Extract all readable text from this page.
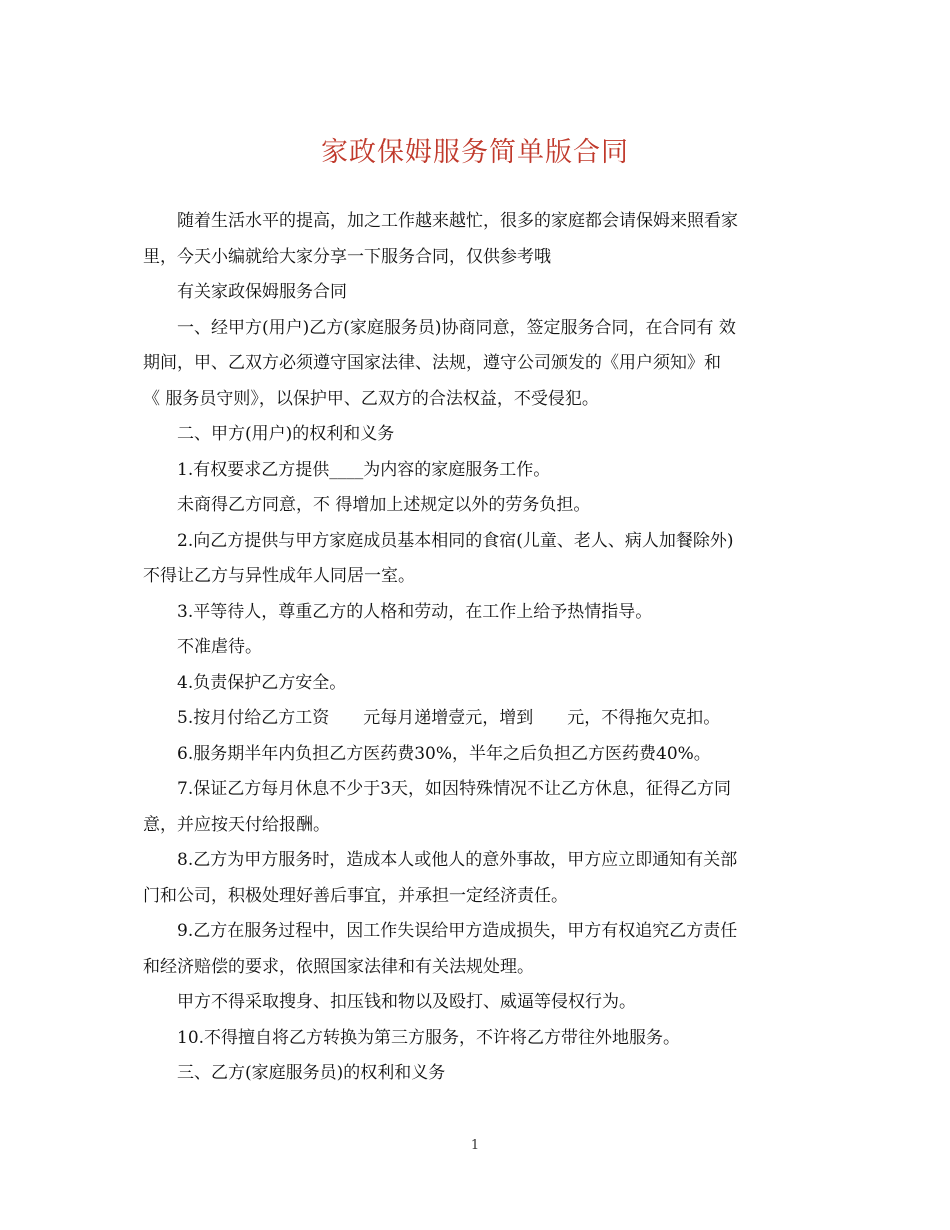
家政保姆服务简单版合同

随着生活水平的提高，加之工作越来越忙，很多的家庭都会请保姆来照看家

里，今天小编就给大家分享一下服务合同，仅供参考哦

有关家政保姆服务合同

一、经甲方(用户)乙方(家庭服务员)协商同意，签定服务合同，在合同有 效

期间，甲、乙双方必须遵守国家法律、法规，遵守公司颁发的《用户须知》和

《 服务员守则》，以保护甲、乙双方的合法权益，不受侵犯。

二、甲方(用户)的权利和义务

1.有权要求乙方提供____为内容的家庭服务工作。

未商得乙方同意，不 得增加上述规定以外的劳务负担。

2.向乙方提供与甲方家庭成员基本相同的食宿(儿童、老人、病人加餐除外)

不得让乙方与异性成年人同居一室。

3.平等待人，尊重乙方的人格和劳动，在工作上给予热情指导。

不准虐待。

4.负责保护乙方安全。

5.按月付给乙方工资　　元每月递增壹元，增到　　元，不得拖欠克扣。

6.服务期半年内负担乙方医药费30%，半年之后负担乙方医药费40%。

7.保证乙方每月休息不少于3天，如因特殊情况不让乙方休息，征得乙方同

意，并应按天付给报酬。

8.乙方为甲方服务时，造成本人或他人的意外事故，甲方应立即通知有关部

门和公司，积极处理好善后事宜，并承担一定经济责任。

9.乙方在服务过程中，因工作失误给甲方造成损失，甲方有权追究乙方责任

和经济赔偿的要求，依照国家法律和有关法规处理。

甲方不得采取搜身、扣压钱和物以及殴打、威逼等侵权行为。

10.不得擅自将乙方转换为第三方服务，不许将乙方带往外地服务。

三、乙方(家庭服务员)的权利和义务

1
